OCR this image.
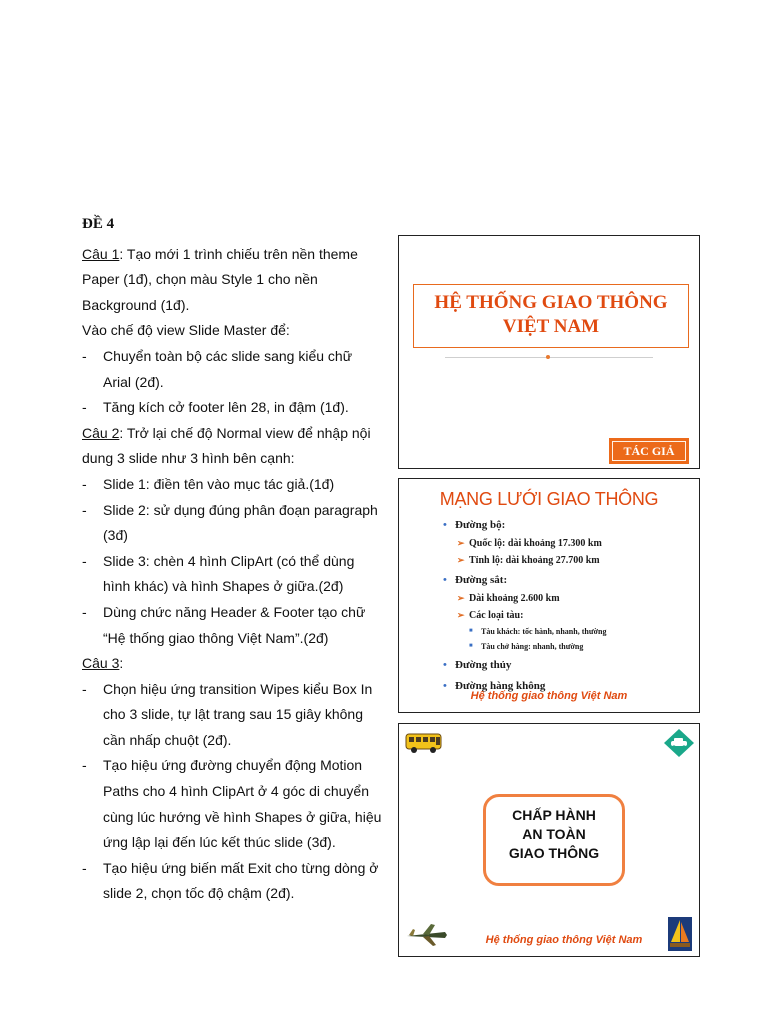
ĐỀ 4

Câu 1: Tạo mới 1 trình chiếu trên nền theme Paper (1đ), chọn màu Style 1 cho nền Background (1đ).

Vào chế độ view Slide Master để:

- Chuyển toàn bộ các slide sang kiểu chữ Arial (2đ).
- Tăng kích cở footer lên 28, in đậm (1đ).

Câu 2: Trở lại chế độ Normal view để nhập nội dung 3 slide như 3 hình bên cạnh:

- Slide 1: điền tên vào mục tác giả.(1đ)
- Slide 2: sử dụng đúng phân đoạn paragraph (3đ)
- Slide 3: chèn 4 hình ClipArt (có thể dùng hình khác) và hình Shapes ở giữa.(2đ)
- Dùng chức năng Header & Footer tạo chữ “Hệ thống giao thông Việt Nam”.(2đ)

Câu 3:

- Chọn hiệu ứng transition Wipes kiểu Box In cho 3 slide, tự lật trang sau 15 giây không cần nhấp chuột (2đ).
- Tạo hiệu ứng đường chuyển động Motion Paths cho 4 hình ClipArt ở 4 góc di chuyển cùng lúc hướng về hình Shapes ở giữa, hiệu ứng lập lại đến lúc kết thúc slide (3đ).
- Tạo hiệu ứng biến mất Exit cho từng dòng ở slide 2, chọn tốc độ chậm (2đ).
HỆ THỐNG GIAO THÔNG
VIỆT NAM
TÁC GIẢ
MẠNG LƯỚI GIAO THÔNG
• Đường bộ:
➢ Quốc lộ: dài khoảng 17.300 km
➢ Tỉnh lộ: dài khoảng 27.700 km
• Đường sắt:
➢ Dài khoảng 2.600 km
➢ Các loại tàu:
■	Tàu khách: tốc hành, nhanh, thường
■	Tàu chở hàng: nhanh, thường
• Đường thủy
• Đường hàng không
Hệ thống giao thông Việt Nam
CHẤP HÀNH
AN TOÀN
GIAO THÔNG
Hệ thống giao thông Việt Nam
